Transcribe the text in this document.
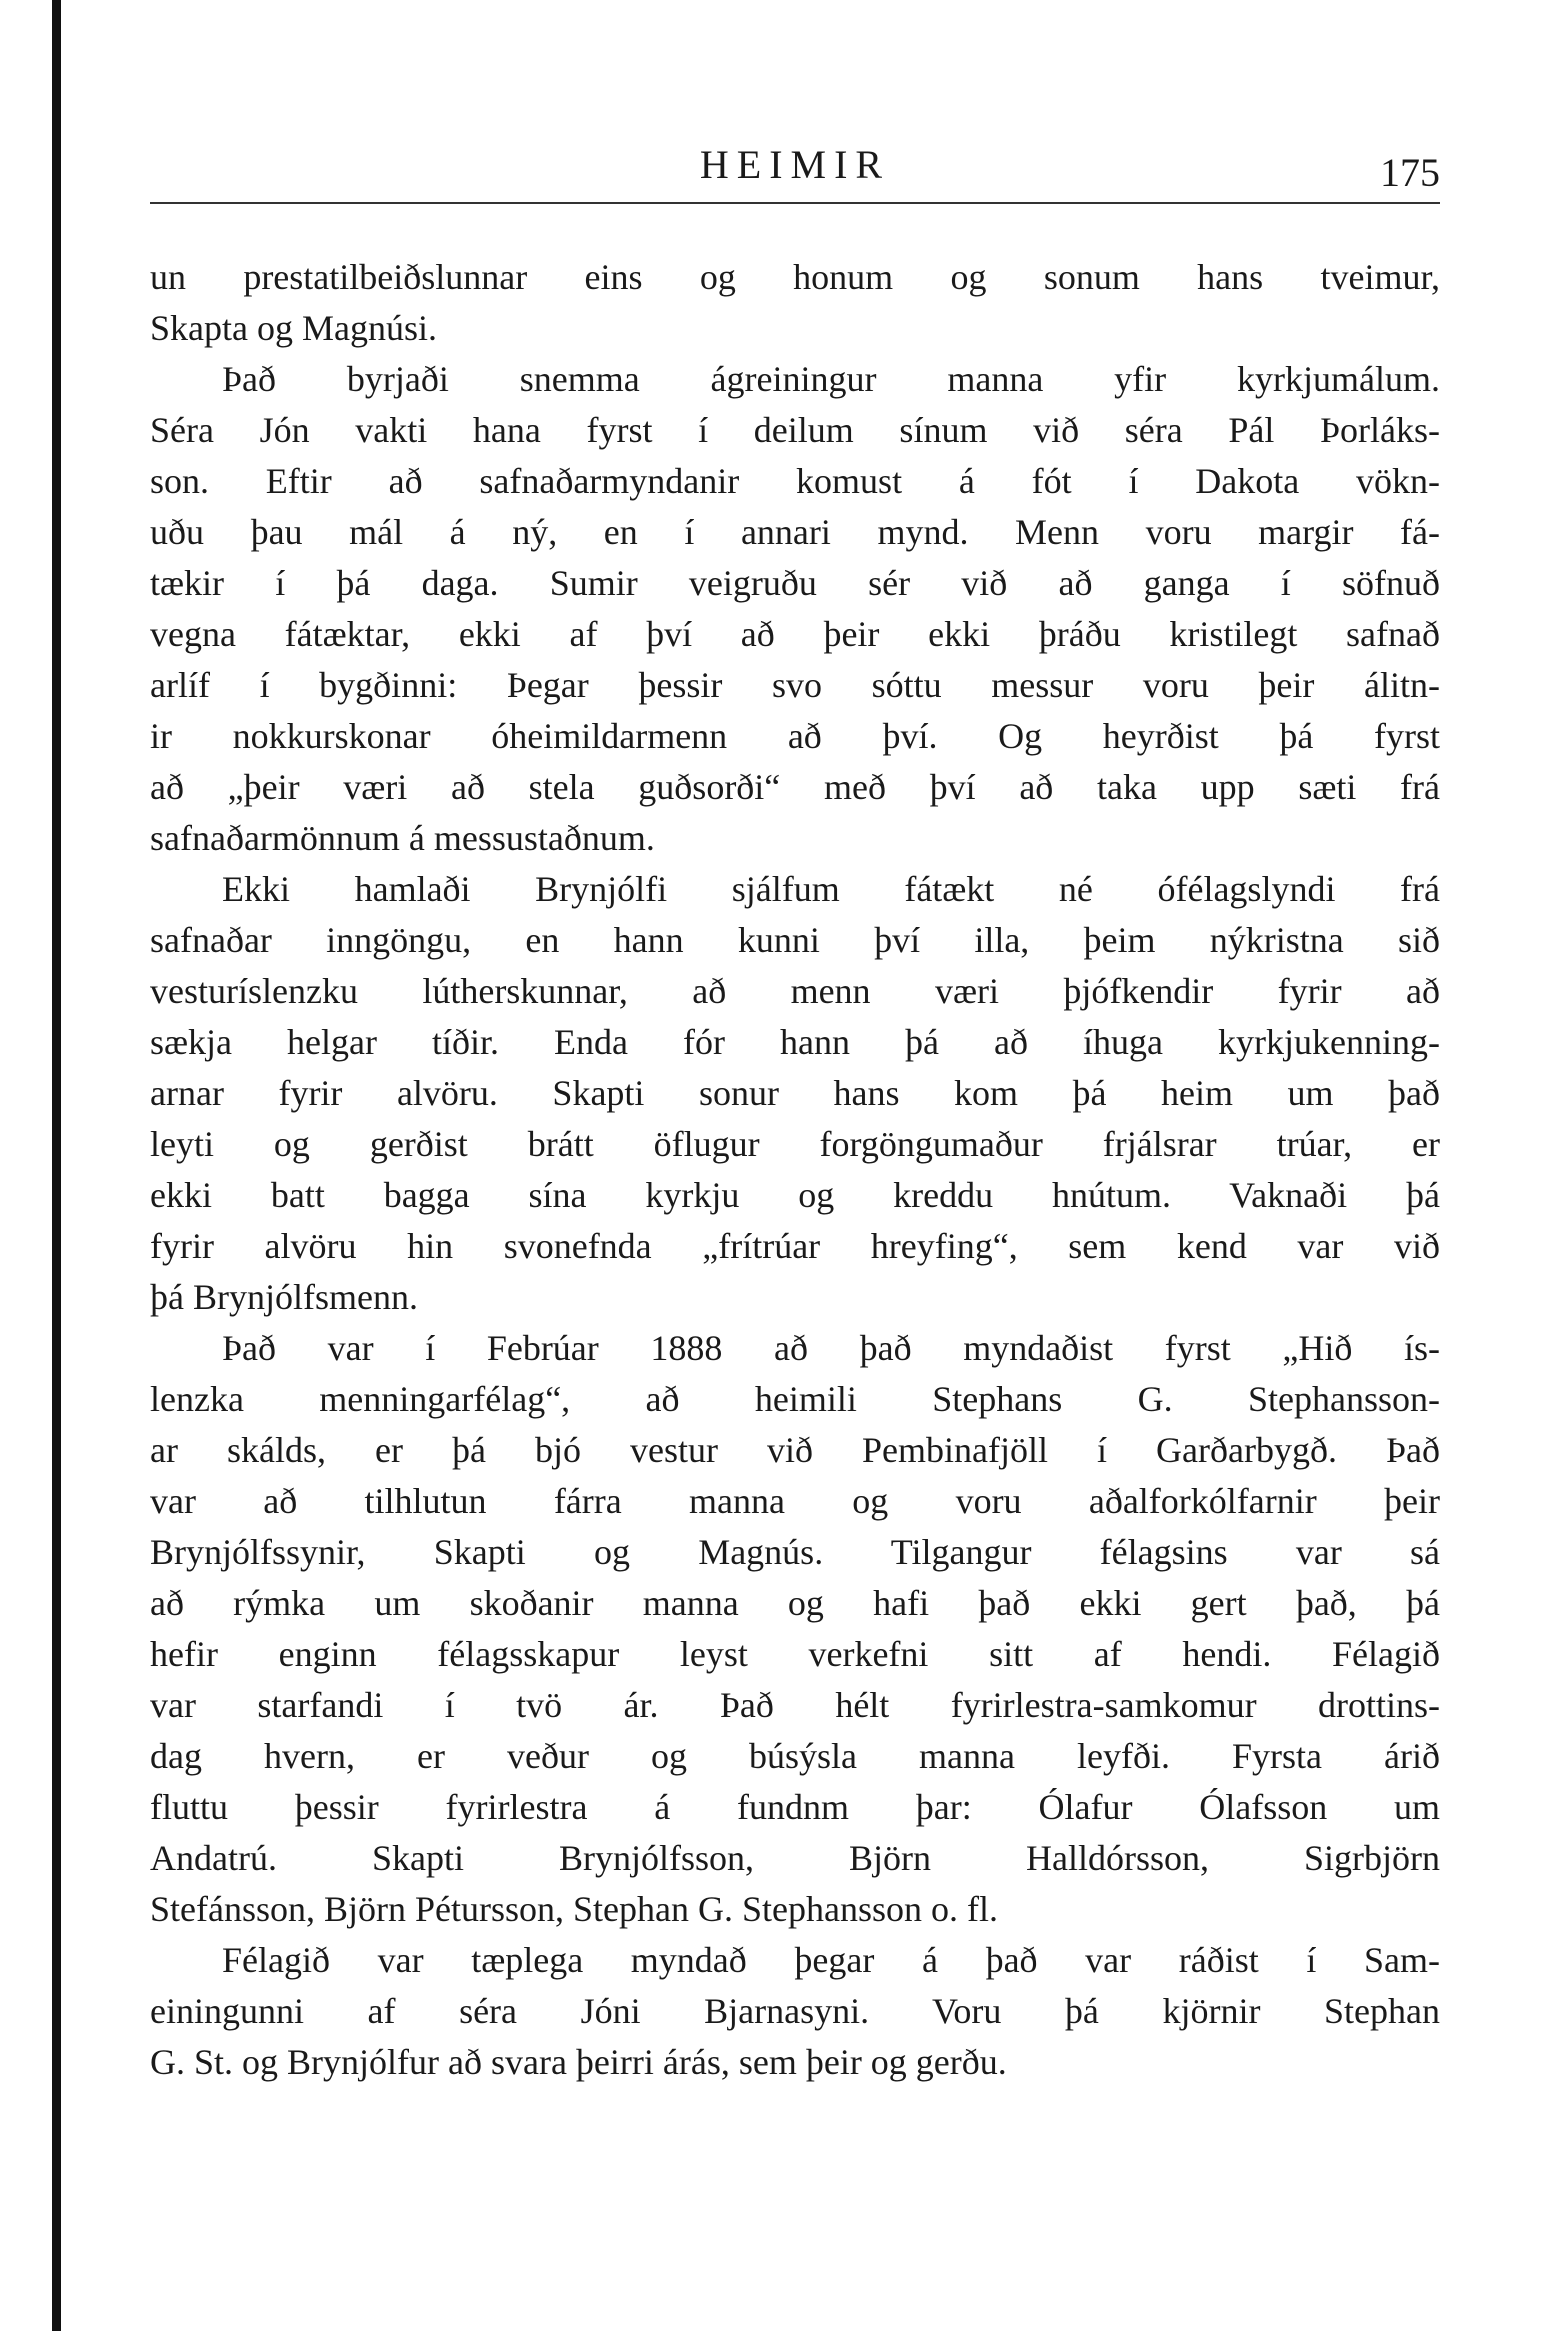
HEIMIR	175
un prestatilbeiðslunnar eins og honum og sonum hans tveimur,
Skapta og Magnúsi.
Það byrjaði snemma ágreiningur manna yfir kyrkjumálum.
Séra Jón vakti hana fyrst í deilum sínum við séra Pál Þorláks-
son. Eftir að safnaðarmyndanir komust á fót í Dakota vökn-
uðu þau mál á ný, en í annari mynd. Menn voru margir fá-
tækir í þá daga. Sumir veigruðu sér við að ganga í söfnuð
vegna fátæktar, ekki af því að þeir ekki þráðu kristilegt safnað
arlíf í bygðinni: Þegar þessir svo sóttu messur voru þeir álitn-
ir nokkurskonar óheimildarmenn að því. Og heyrðist þá fyrst
að „þeir væri að stela guðsorði“ með því að taka upp sæti frá
safnaðarmönnum á messustaðnum.
Ekki hamlaði Brynjólfi sjálfum fátækt né ófélagslyndi frá
safnaðar inngöngu, en hann kunni því illa, þeim nýkristna sið
vesturíslenzku lútherskunnar, að menn væri þjófkendir fyrir að
sækja helgar tíðir. Enda fór hann þá að íhuga kyrkjukenning-
arnar fyrir alvöru. Skapti sonur hans kom þá heim um það
leyti og gerðist brátt öflugur forgöngumaður frjálsrar trúar, er
ekki batt bagga sína kyrkju og kreddu hnútum. Vaknaði þá
fyrir alvöru hin svonefnda „frítrúar hreyfing“, sem kend var við
þá Brynjólfsmenn.
Það var í Febrúar 1888 að það myndaðist fyrst „Hið ís-
lenzka menningarfélag“, að heimili Stephans G. Stephansson-
ar skálds, er þá bjó vestur við Pembinafjöll í Garðarbygð. Það
var að tilhlutun fárra manna og voru aðalforkólfarnir þeir
Brynjólfssynir, Skapti og Magnús. Tilgangur félagsins var sá
að rýmka um skoðanir manna og hafi það ekki gert það, þá
hefir enginn félagsskapur leyst verkefni sitt af hendi. Félagið
var starfandi í tvö ár. Það hélt fyrirlestra-samkomur drottins-
dag hvern, er veður og búsýsla manna leyfði. Fyrsta árið
fluttu þessir fyrirlestra á fundnm þar: Ólafur Ólafsson um
Andatrú. Skapti Brynjólfsson, Björn Halldórsson, Sigrbjörn
Stefánsson, Björn Pétursson, Stephan G. Stephansson o. fl.
Félagið var tæplega myndað þegar á það var ráðist í Sam-
einingunni af séra Jóni Bjarnasyni. Voru þá kjörnir Stephan
G. St. og Brynjólfur að svara þeirri árás, sem þeir og gerðu.
